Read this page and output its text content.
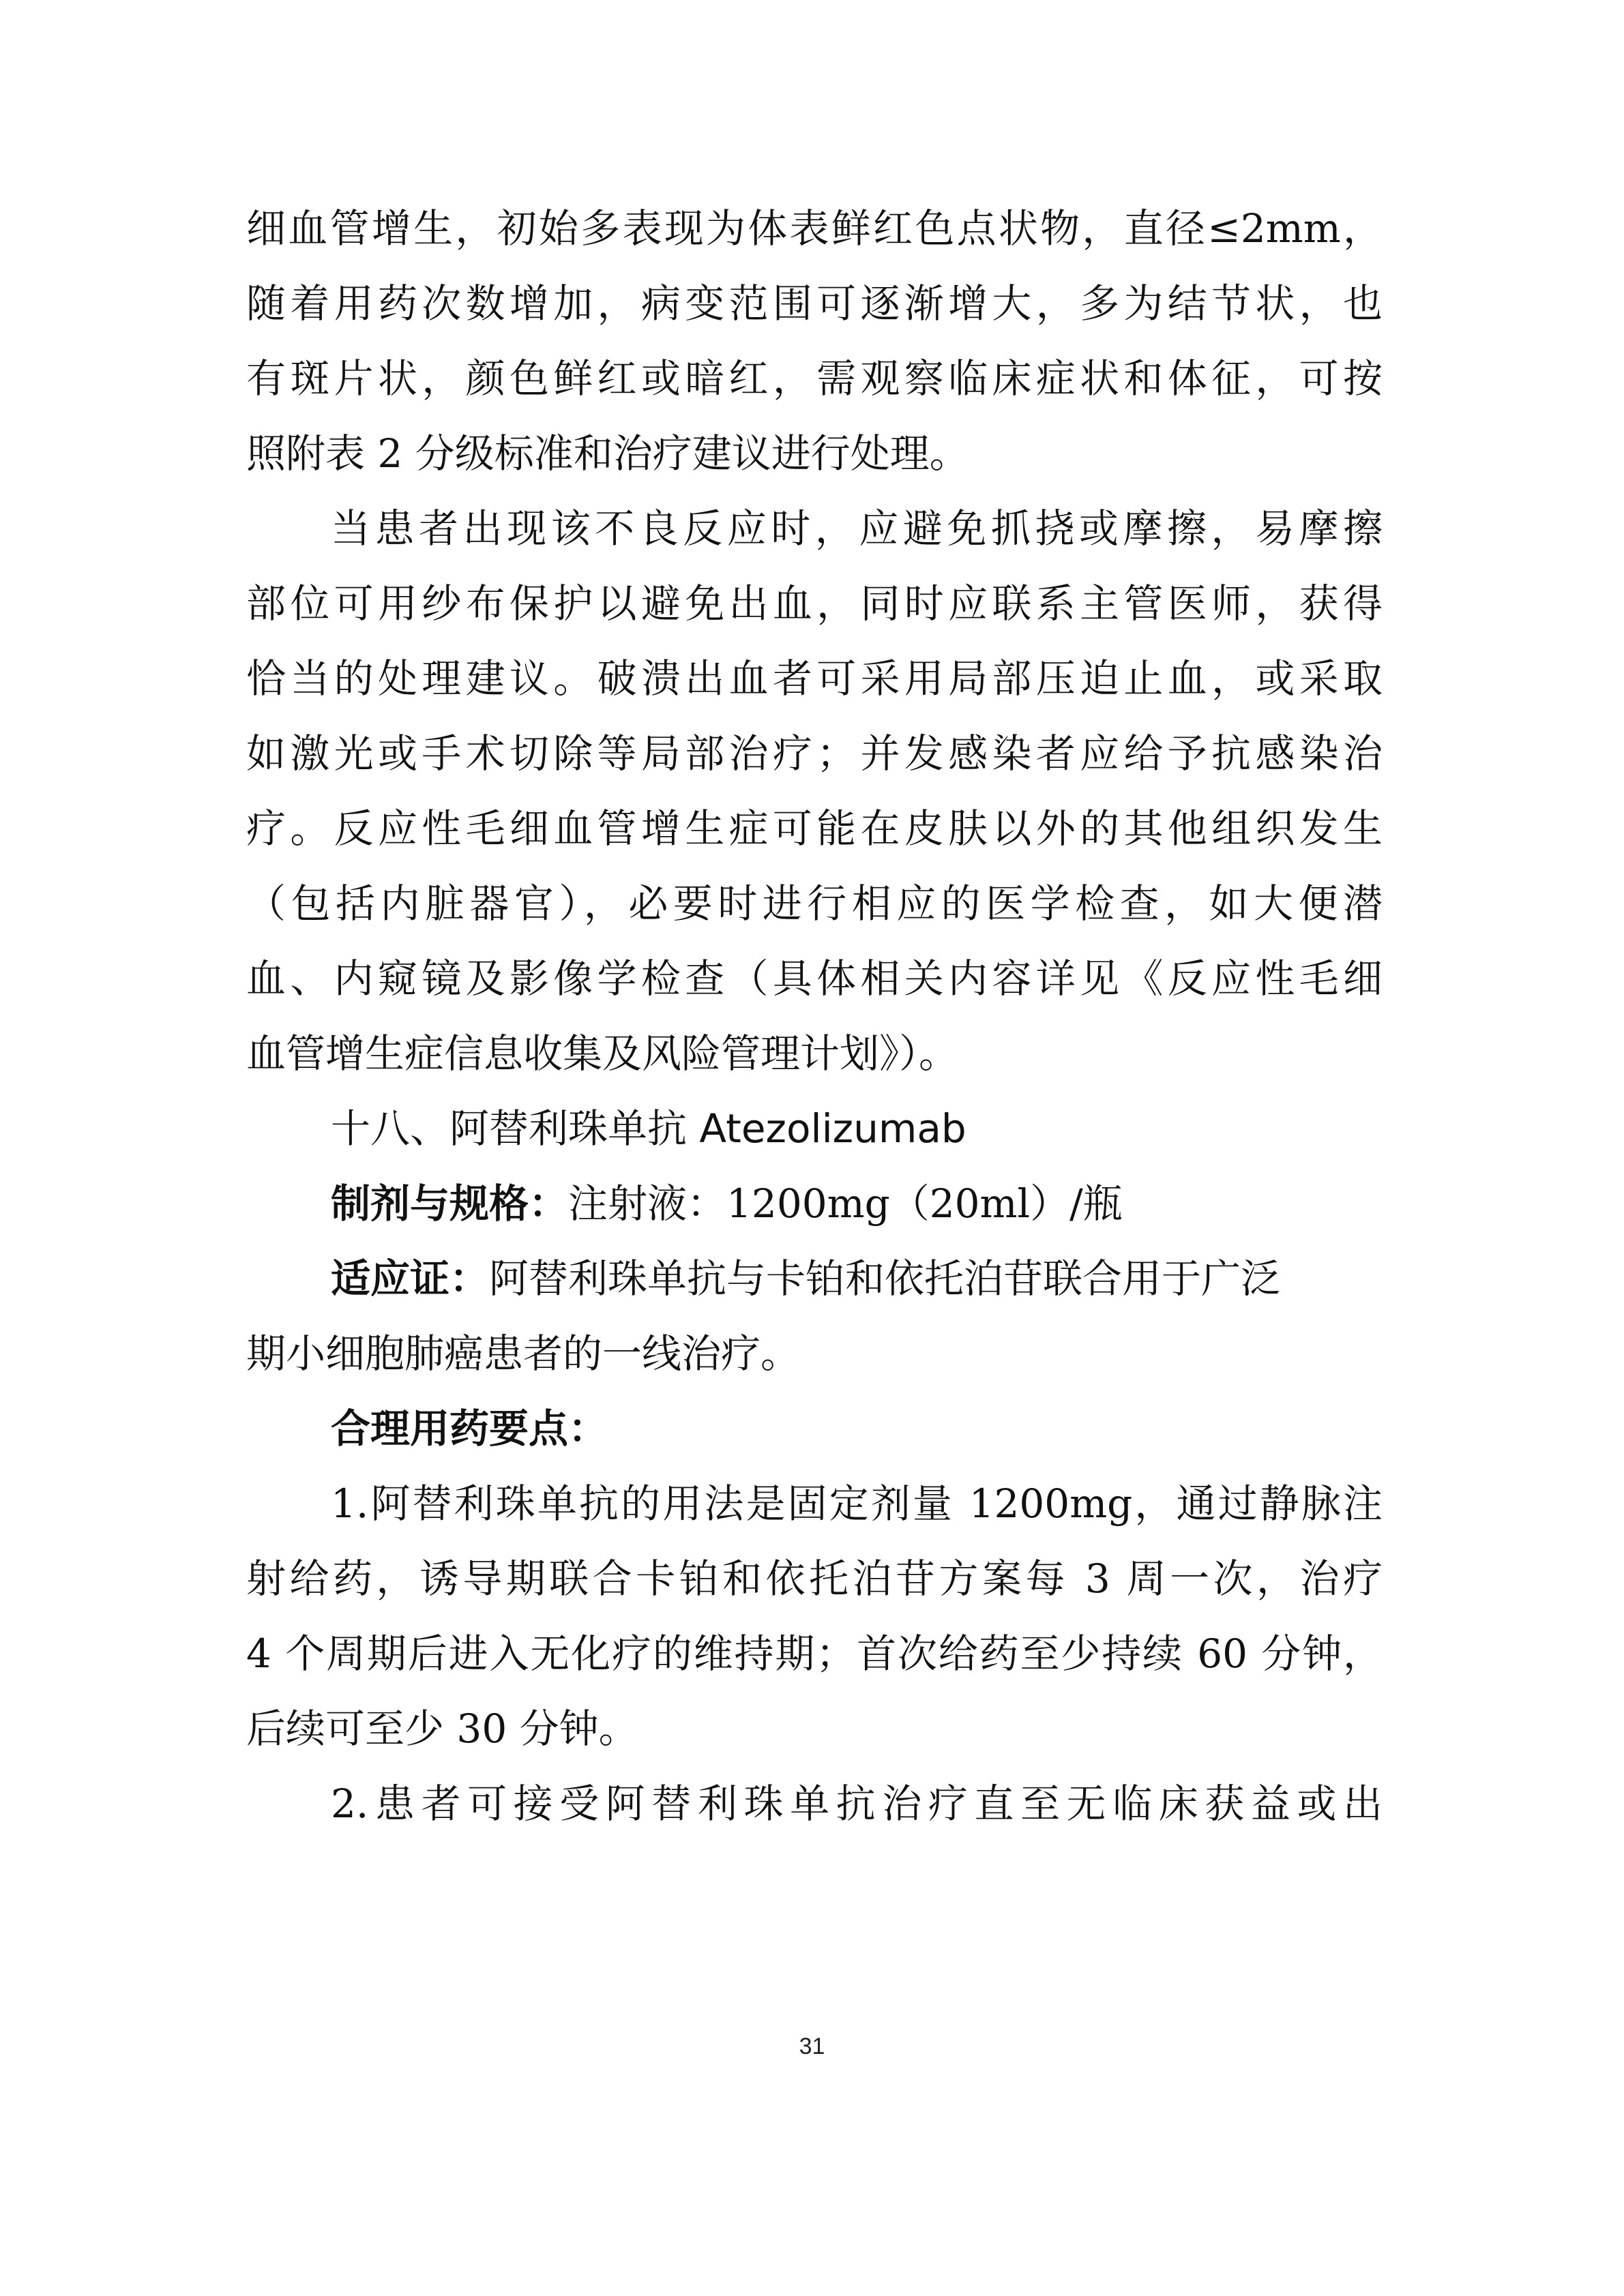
细血管增生，初始多表现为体表鲜红色点状物，直径≤2mm，

随着用药次数增加，病变范围可逐渐增大，多为结节状，也

有斑片状，颜色鲜红或暗红，需观察临床症状和体征，可按

照附表 2 分级标准和治疗建议进行处理。

当患者出现该不良反应时，应避免抓挠或摩擦，易摩擦

部位可用纱布保护以避免出血，同时应联系主管医师，获得

恰当的处理建议。破溃出血者可采用局部压迫止血，或采取

如激光或手术切除等局部治疗；并发感染者应给予抗感染治

疗。反应性毛细血管增生症可能在皮肤以外的其他组织发生

（包括内脏器官），必要时进行相应的医学检查，如大便潜

血、内窥镜及影像学检查（具体相关内容详见《反应性毛细

血管增生症信息收集及风险管理计划》）。

十八、阿替利珠单抗 Atezolizumab

制剂与规格：注射液：1200mg（20ml）/瓶

适应证：阿替利珠单抗与卡铂和依托泊苷联合用于广泛

期小细胞肺癌患者的一线治疗。

合理用药要点：

1.阿替利珠单抗的用法是固定剂量 1200mg，通过静脉注

射给药，诱导期联合卡铂和依托泊苷方案每 3 周一次，治疗

4 个周期后进入无化疗的维持期；首次给药至少持续 60 分钟，

后续可至少 30 分钟。

2.患者可接受阿替利珠单抗治疗直至无临床获益或出

31
